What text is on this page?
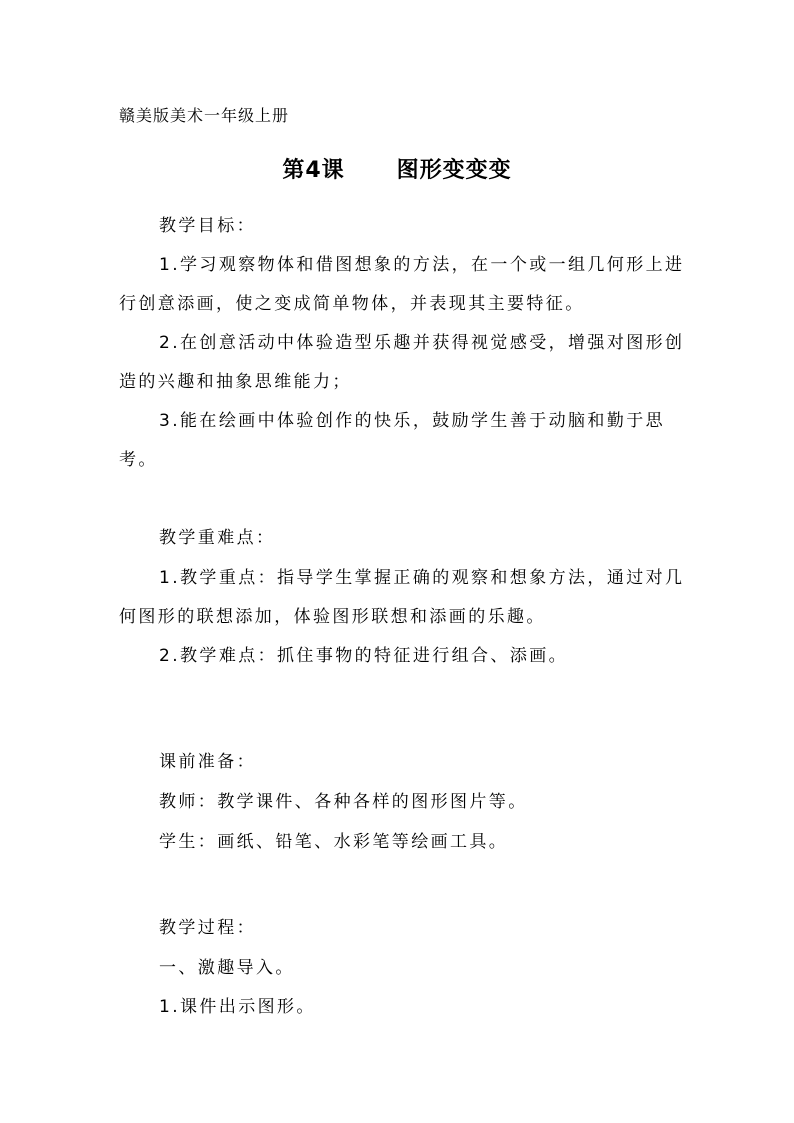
赣美版美术一年级上册
第4课      图形变变变
教学目标：
1.学习观察物体和借图想象的方法，在一个或一组几何形上进
行创意添画，使之变成简单物体，并表现其主要特征。
2.在创意活动中体验造型乐趣并获得视觉感受，增强对图形创
造的兴趣和抽象思维能力；
3.能在绘画中体验创作的快乐，鼓励学生善于动脑和勤于思
考。
教学重难点：
1.教学重点：指导学生掌握正确的观察和想象方法，通过对几
何图形的联想添加，体验图形联想和添画的乐趣。
2.教学难点：抓住事物的特征进行组合、添画。
课前准备：
教师：教学课件、各种各样的图形图片等。
学生：画纸、铅笔、水彩笔等绘画工具。
教学过程：
一、激趣导入。
1.课件出示图形。
